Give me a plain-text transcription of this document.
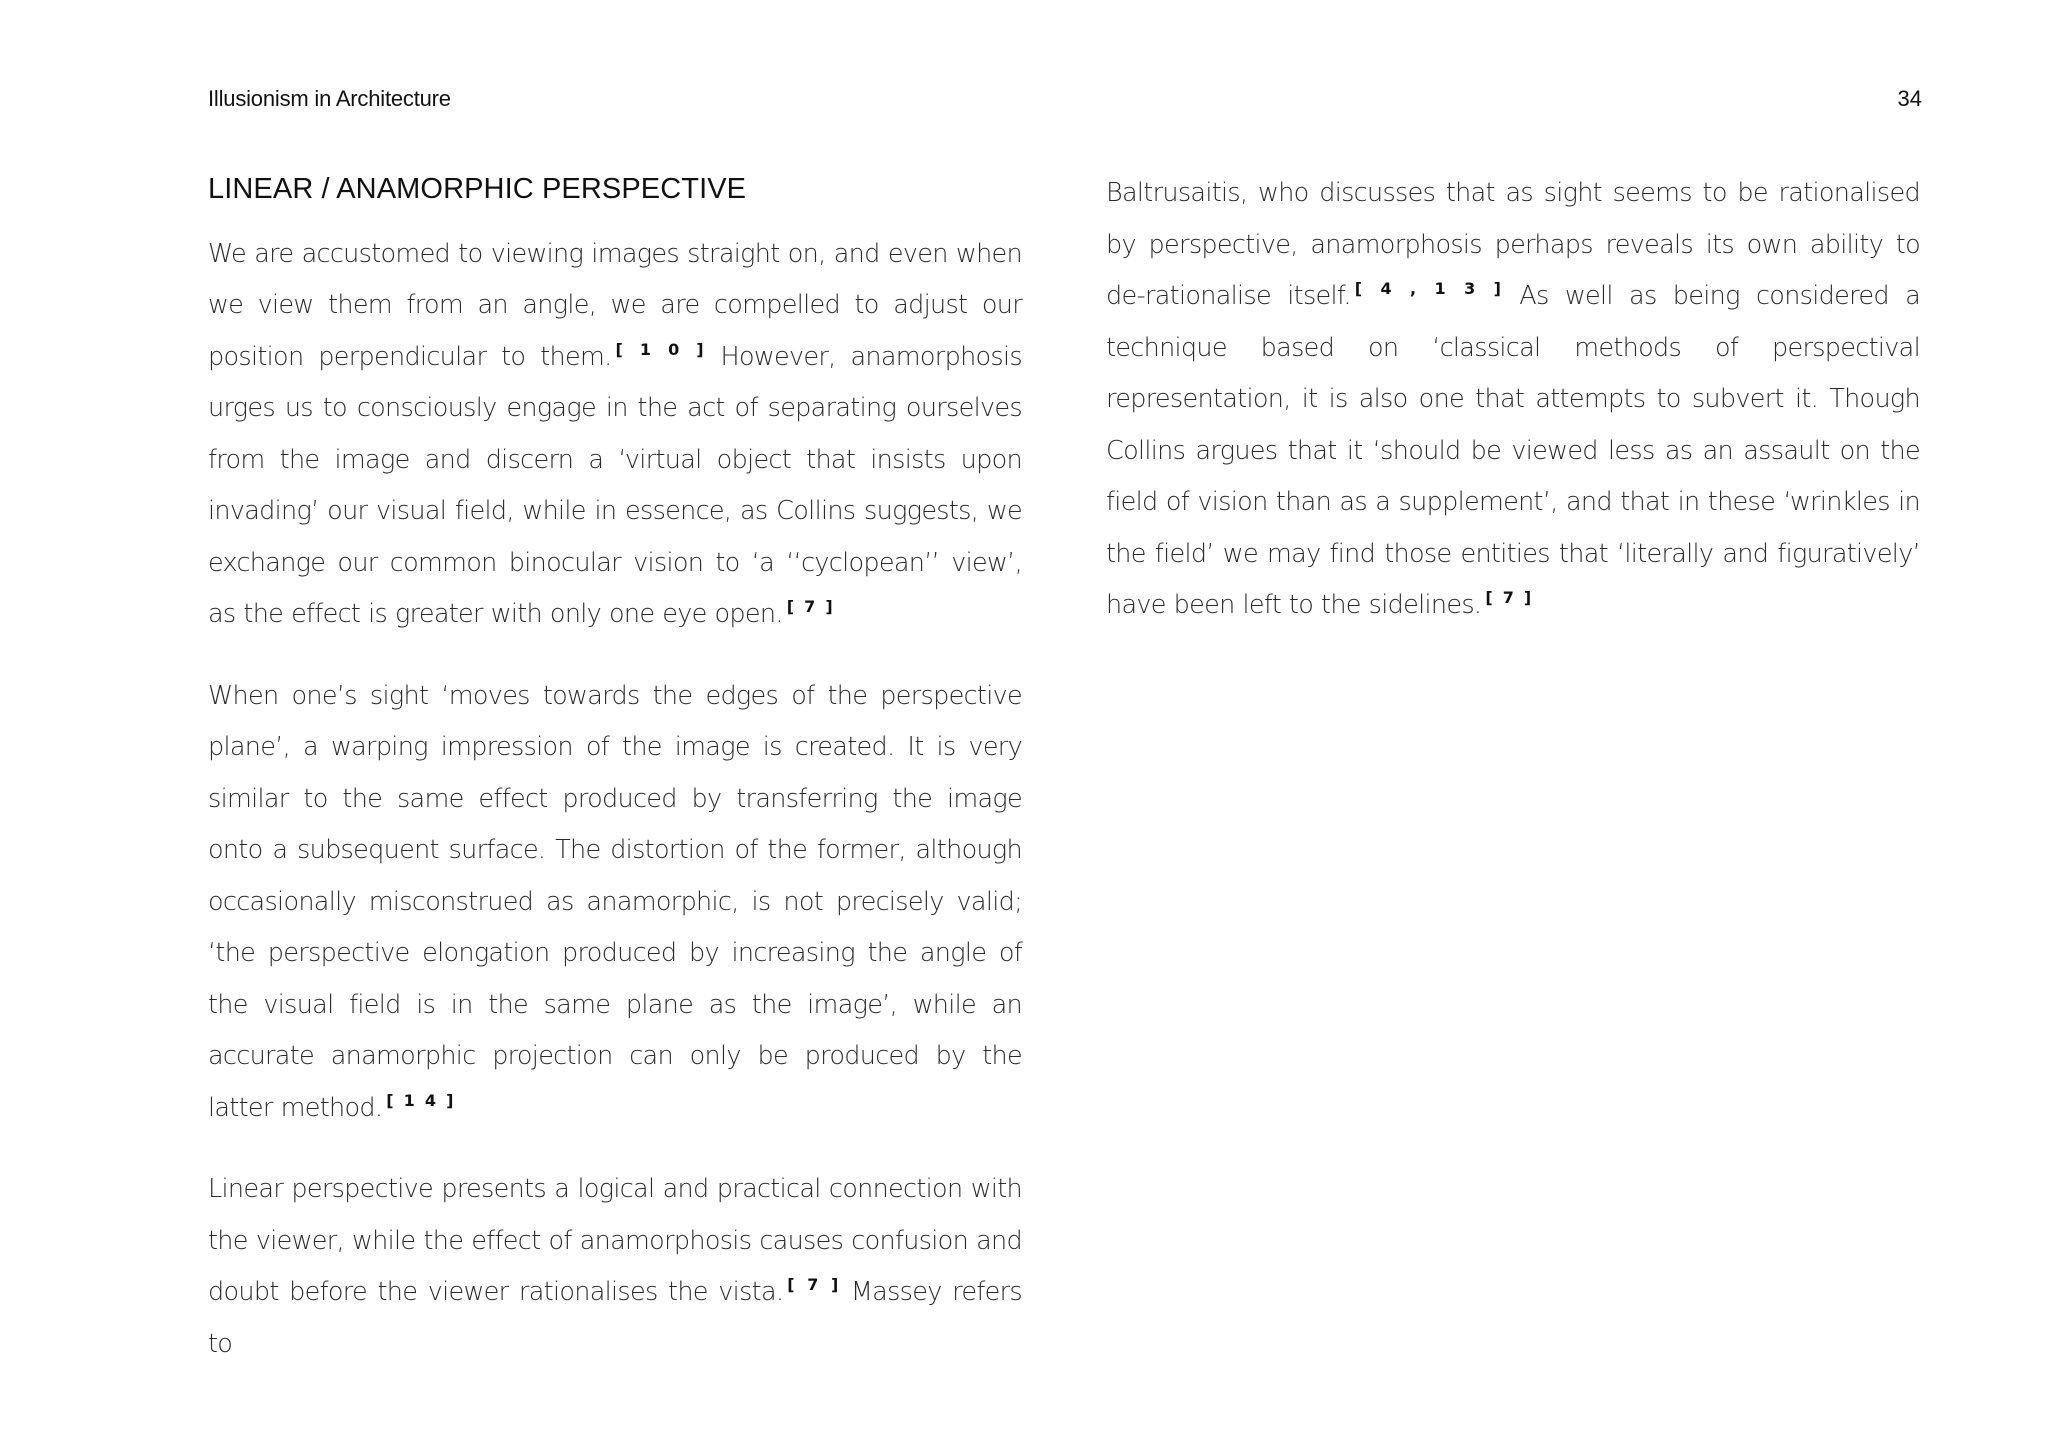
Illusionism in Architecture	34
LINEAR / ANAMORPHIC PERSPECTIVE

We are accustomed to viewing images straight on, and even when we view them from an angle, we are compelled to adjust our position perpendicular to them. [ 1 0 ] However, anamorphosis urges us to consciously engage in the act of separating ourselves from the image and discern a ‘virtual object that insists upon invading’ our visual field, while in essence, as Collins suggests, we exchange our common binocular vision to ‘a ‘‘cyclopean’’ view’, as the effect is greater with only one eye open. [ 7 ]

When one’s sight ‘moves towards the edges of the perspective plane’, a warping impression of the image is created. It is very similar to the same effect produced by transferring the image onto a subsequent surface. The distortion of the former, although occasionally misconstrued as anamorphic, is not precisely valid; ‘the perspective elongation produced by increasing the angle of the visual field is in the same plane as the image’, while an accurate anamorphic projection can only be produced by the latter method. [ 1 4 ]

Linear perspective presents a logical and practical connection with the viewer, while the effect of anamorphosis causes confusion and doubt before the viewer rationalises the vista. [ 7 ] Massey refers to

Baltrusaitis, who discusses that as sight seems to be rationalised by perspective, anamorphosis perhaps reveals its own ability to de-rationalise itself. [ 4 , 1 3 ] As well as being considered a technique based on ‘classical methods of perspectival representation, it is also one that attempts to subvert it. Though Collins argues that it ‘should be viewed less as an assault on the field of vision than as a supplement’, and that in these ‘wrinkles in the field’ we may find those entities that ‘literally and figuratively’ have been left to the sidelines. [ 7 ]
